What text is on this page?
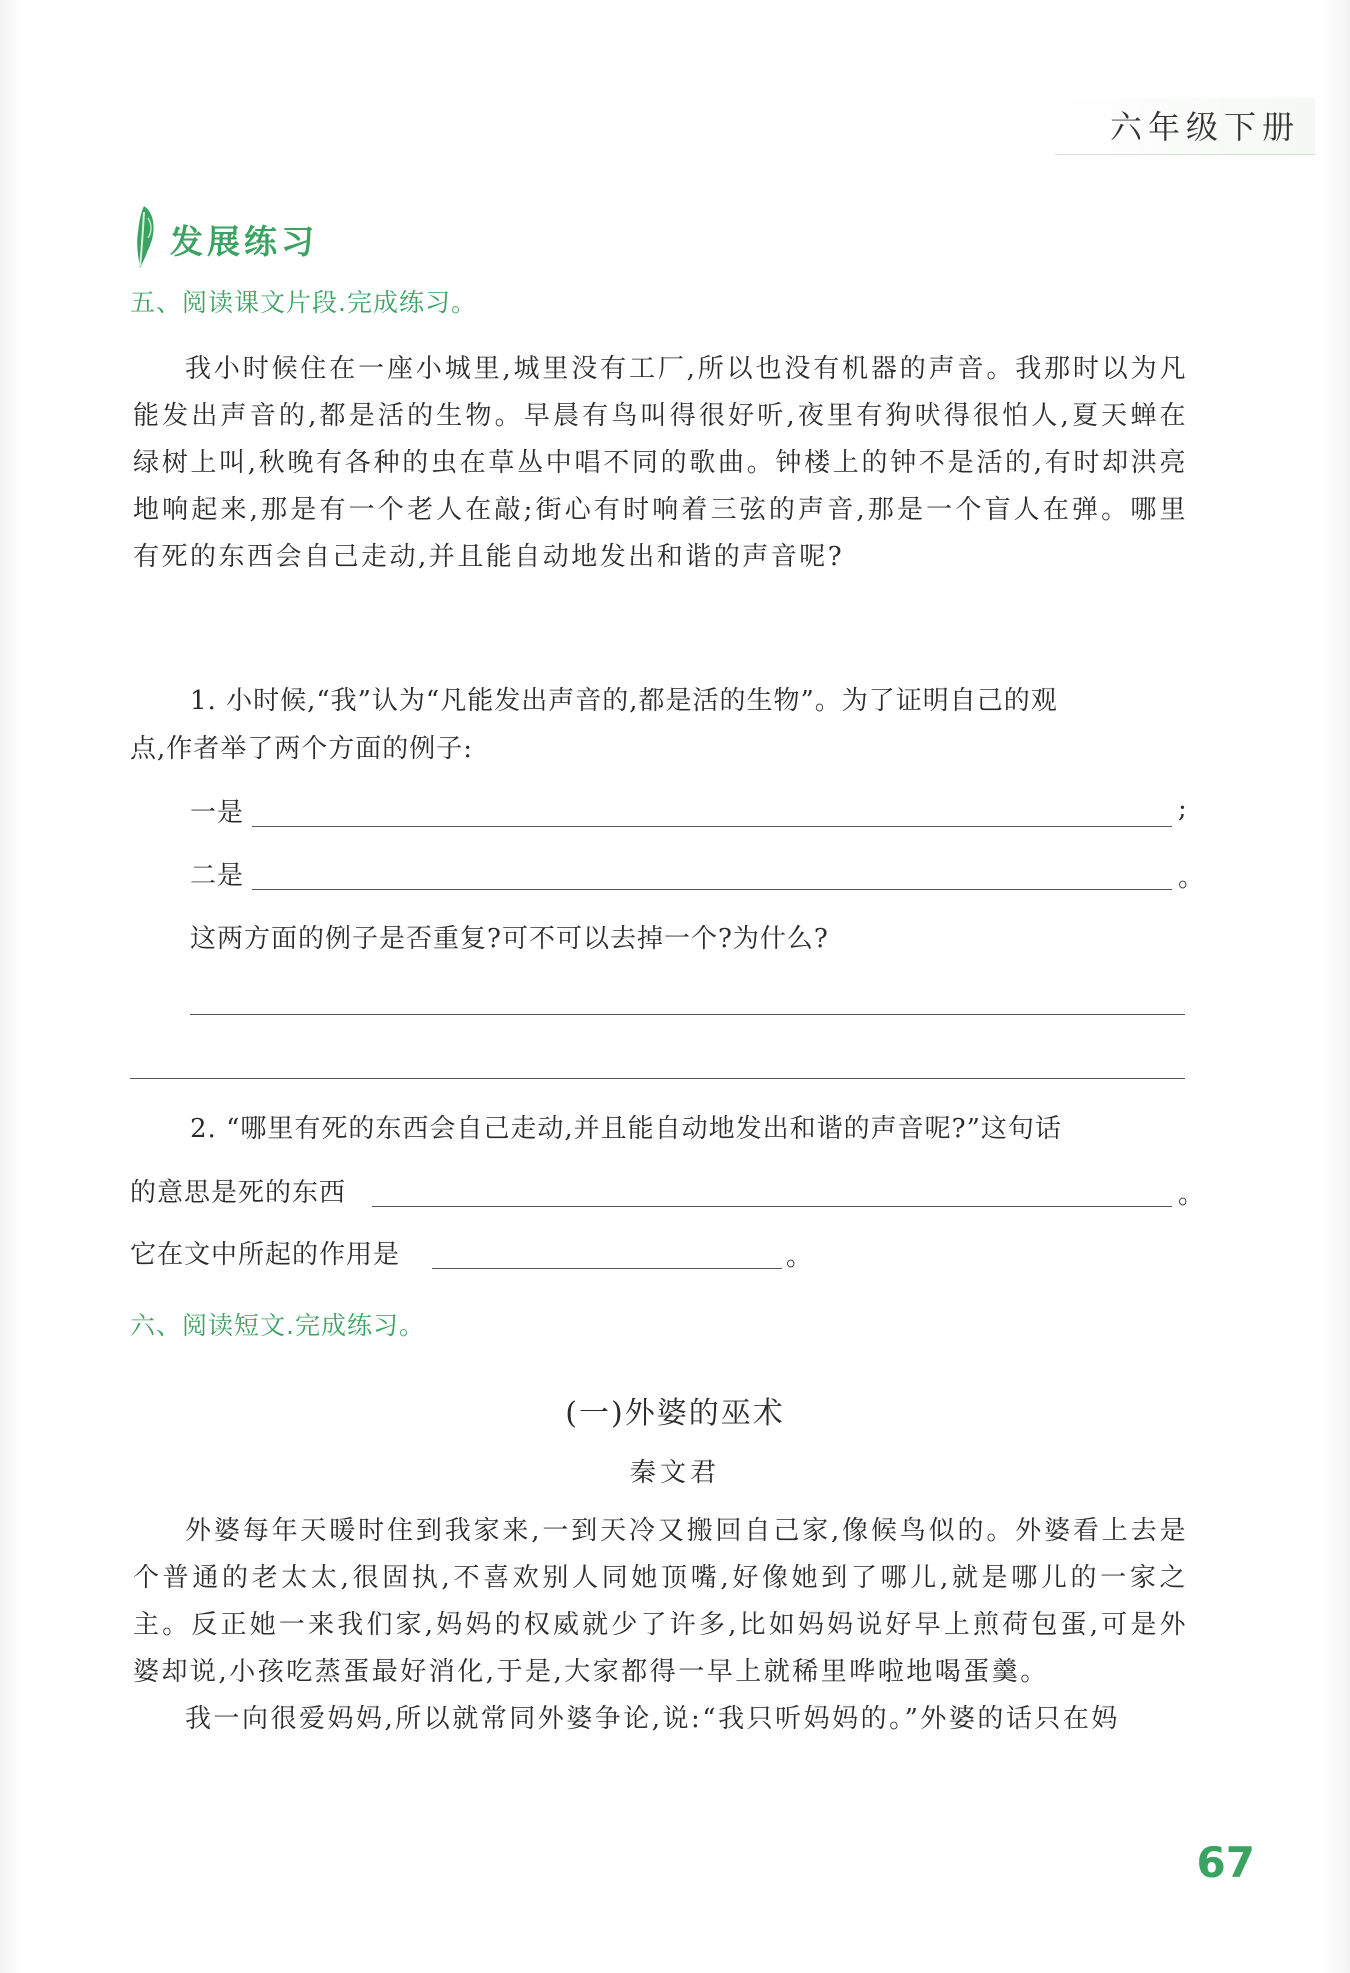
六年级下册
发展练习
五、阅读课文片段.完成练习。

我小时候住在一座小城里,城里没有工厂,所以也没有机器的声音。我那时以为凡能发出声音的,都是活的生物。早晨有鸟叫得很好听,夜里有狗吠得很怕人,夏天蝉在绿树上叫,秋晚有各种的虫在草丛中唱不同的歌曲。钟楼上的钟不是活的,有时却洪亮地响起来,那是有一个老人在敲;街心有时响着三弦的声音,那是一个盲人在弹。哪里有死的东西会自己走动,并且能自动地发出和谐的声音呢?

1. 小时候,“我”认为“凡能发出声音的,都是活的生物”。为了证明自己的观
点,作者举了两个方面的例子:
一是	;
二是	。
这两方面的例子是否重复?可不可以去掉一个?为什么?
2. “哪里有死的东西会自己走动,并且能自动地发出和谐的声音呢?”这句话
的意思是死的东西	。
它在文中所起的作用是	。
六、阅读短文.完成练习。
(一)外婆的巫术
秦文君

外婆每年天暖时住到我家来,一到天冷又搬回自己家,像候鸟似的。外婆看上去是个普通的老太太,很固执,不喜欢别人同她顶嘴,好像她到了哪儿,就是哪儿的一家之主。反正她一来我们家,妈妈的权威就少了许多,比如妈妈说好早上煎荷包蛋,可是外婆却说,小孩吃蒸蛋最好消化,于是,大家都得一早上就稀里哗啦地喝蛋羹。

我一向很爱妈妈,所以就常同外婆争论,说:“我只听妈妈的。”外婆的话只在妈

67
